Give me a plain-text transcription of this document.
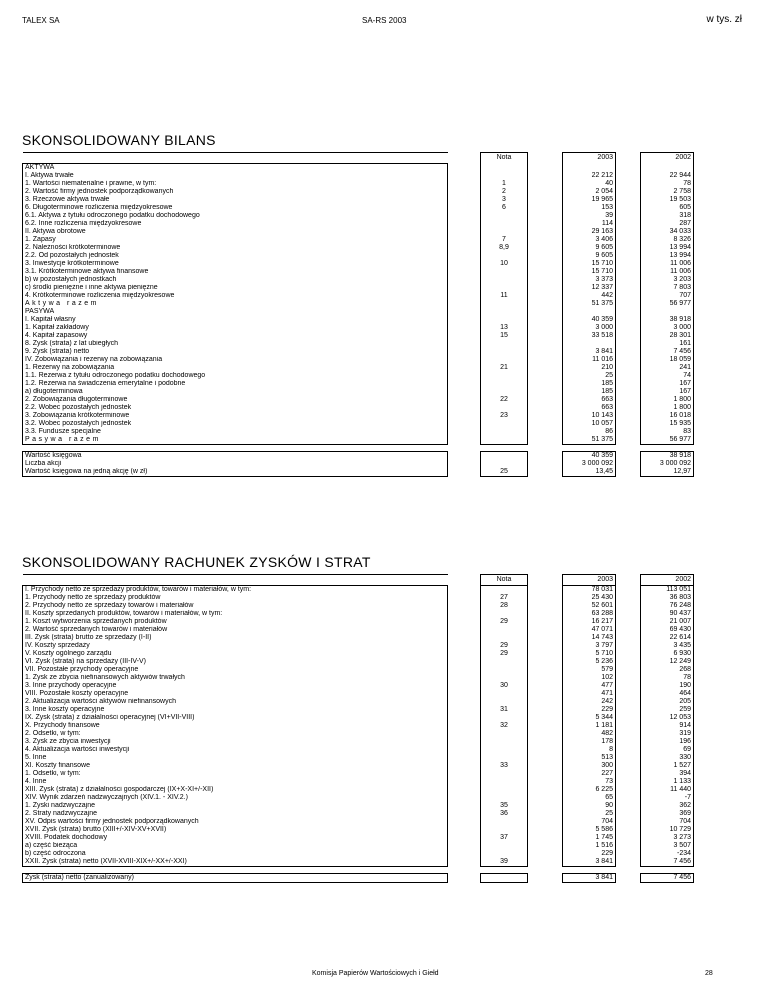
TALEX SA	SA-RS 2003	w tys. zł
SKONSOLIDOWANY BILANS
		Nota		2003		2002
AKTYWA						
I. Aktywa trwałe				22 212		22 944
1. Wartości niematerialne i prawne, w tym:		1		40		78
2. Wartość firmy jednostek podporządkowanych		2		2 054		2 758
3. Rzeczowe aktywa trwałe		3		19 965		19 503
6. Długoterminowe rozliczenia międzyokresowe		6		153		605
6.1. Aktywa z tytułu odroczonego podatku dochodowego				39		318
6.2. Inne rozliczenia międzyokresowe				114		287
II. Aktywa obrotowe				29 163		34 033
1. Zapasy		7		3 406		8 326
2. Należności krótkoterminowe		8,9		9 605		13 994
2.2. Od pozostałych jednostek				9 605		13 994
3. Inwestycje krótkoterminowe		10		15 710		11 006
3.1. Krótkoterminowe aktywa finansowe				15 710		11 006
b) w pozostałych jednostkach				3 373		3 203
c) środki pieniężne i inne aktywa pieniężne				12 337		7 803
4. Krótkoterminowe rozliczenia międzyokresowe		11		442		707
Aktywa razem				51 375		56 977
PASYWA						
I. Kapitał własny				40 359		38 918
1. Kapitał zakładowy		13		3 000		3 000
4. Kapitał zapasowy		15		33 518		28 301
8. Zysk (strata) z lat ubiegłych						161
9. Zysk (strata) netto				3 841		7 456
IV. Zobowiązania i rezerwy na zobowiązania				11 016		18 059
1. Rezerwy na zobowiązania		21		210		241
1.1. Rezerwa z tytułu odroczonego podatku dochodowego				25		74
1.2. Rezerwa na świadczenia emerytalne i podobne				185		167
a) długoterminowa				185		167
2. Zobowiązania długoterminowe		22		663		1 800
2.2. Wobec pozostałych jednostek				663		1 800
3. Zobowiązania krótkoterminowe		23		10 143		16 018
3.2. Wobec pozostałych jednostek				10 057		15 935
3.3. Fundusze specjalne				86		83
Pasywa razem				51 375		56 977

Wartość księgowa				40 359		38 918
Liczba akcji				3 000 092		3 000 092
Wartość księgowa na jedną akcję (w zł)		25		13,45		12,97
SKONSOLIDOWANY RACHUNEK ZYSKÓW I STRAT
		Nota		2003		2002
I. Przychody netto ze sprzedaży produktów, towarów i materiałów, w tym:				78 031		113 051
1. Przychody netto ze sprzedaży produktów		27		25 430		36 803
2. Przychody netto ze sprzedaży towarów i materiałów		28		52 601		76 248
II. Koszty sprzedanych produktów, towarów i materiałów, w tym:				63 288		90 437
1. Koszt wytworzenia sprzedanych produktów		29		16 217		21 007
2. Wartość sprzedanych towarów i materiałów				47 071		69 430
III. Zysk (strata) brutto ze sprzedaży (I-II)				14 743		22 614
IV. Koszty sprzedaży		29		3 797		3 435
V. Koszty ogólnego zarządu		29		5 710		6 930
VI. Zysk (strata) na sprzedaży (III-IV-V)				5 236		12 249
VII. Pozostałe przychody operacyjne				579		268
1. Zysk ze zbycia niefinansowych aktywów trwałych				102		78
3. Inne przychody operacyjne		30		477		190
VIII. Pozostałe koszty operacyjne				471		464
2. Aktualizacja wartości aktywów niefinansowych				242		205
3. Inne koszty operacyjne		31		229		259
IX. Zysk (strata) z działalności operacyjnej (VI+VII-VIII)				5 344		12 053
X. Przychody finansowe		32		1 181		914
2. Odsetki, w tym:				482		319
3. Zysk ze zbycia inwestycji				178		196
4. Aktualizacja wartości inwestycji				8		69
5. Inne				513		330
XI. Koszty finansowe		33		300		1 527
1. Odsetki, w tym:				227		394
4. Inne				73		1 133
XIII. Zysk (strata) z działalności gospodarczej (IX+X-XI+/-XII)				6 225		11 440
XIV. Wynik zdarzeń nadzwyczajnych (XIV.1. - XIV.2.)				65		-7
1. Zyski nadzwyczajne		35		90		362
2. Straty nadzwyczajne		36		25		369
XV. Odpis wartości firmy jednostek podporządkowanych				704		704
XVII. Zysk (strata) brutto (XIII+/-XIV-XV+XVII)				5 586		10 729
XVIII. Podatek dochodowy		37		1 745		3 273
a) część bieżąca				1 516		3 507
b) część odroczona				229		-234
XXII. Zysk (strata) netto (XVII-XVIII-XIX+/-XX+/-XXI)		39		3 841		7 456

Zysk (strata) netto (zanualizowany)				3 841		7 456
Komisja Papierów Wartościowych i Giełd	28
